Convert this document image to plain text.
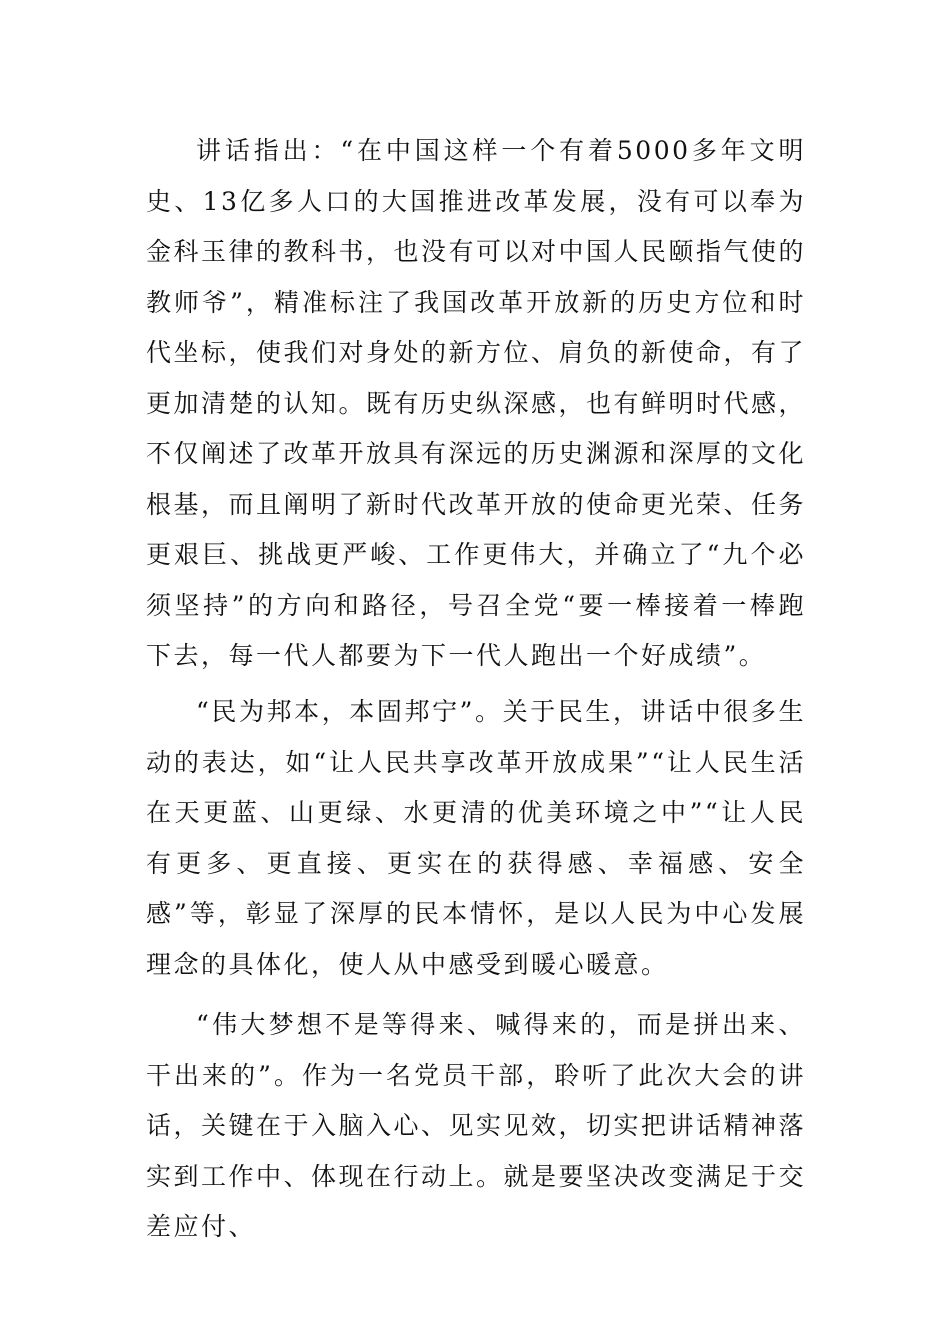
讲话指出：“在中国这样一个有着5000多年文明史、13亿多人口的大国推进改革发展，没有可以奉为金科玉律的教科书，也没有可以对中国人民颐指气使的教师爷”，精准标注了我国改革开放新的历史方位和时代坐标，使我们对身处的新方位、肩负的新使命，有了更加清楚的认知。既有历史纵深感，也有鲜明时代感，不仅阐述了改革开放具有深远的历史渊源和深厚的文化根基，而且阐明了新时代改革开放的使命更光荣、任务更艰巨、挑战更严峻、工作更伟大，并确立了“九个必须坚持”的方向和路径，号召全党“要一棒接着一棒跑下去，每一代人都要为下一代人跑出一个好成绩”。

“民为邦本，本固邦宁”。关于民生，讲话中很多生动的表达，如“让人民共享改革开放成果”“让人民生活在天更蓝、山更绿、水更清的优美环境之中”“让人民有更多、更直接、更实在的获得感、幸福感、安全感”等，彰显了深厚的民本情怀，是以人民为中心发展理念的具体化，使人从中感受到暖心暖意。

“伟大梦想不是等得来、喊得来的，而是拼出来、干出来的”。作为一名党员干部，聆听了此次大会的讲话，关键在于入脑入心、见实见效，切实把讲话精神落实到工作中、体现在行动上。就是要坚决改变满足于交差应付、
